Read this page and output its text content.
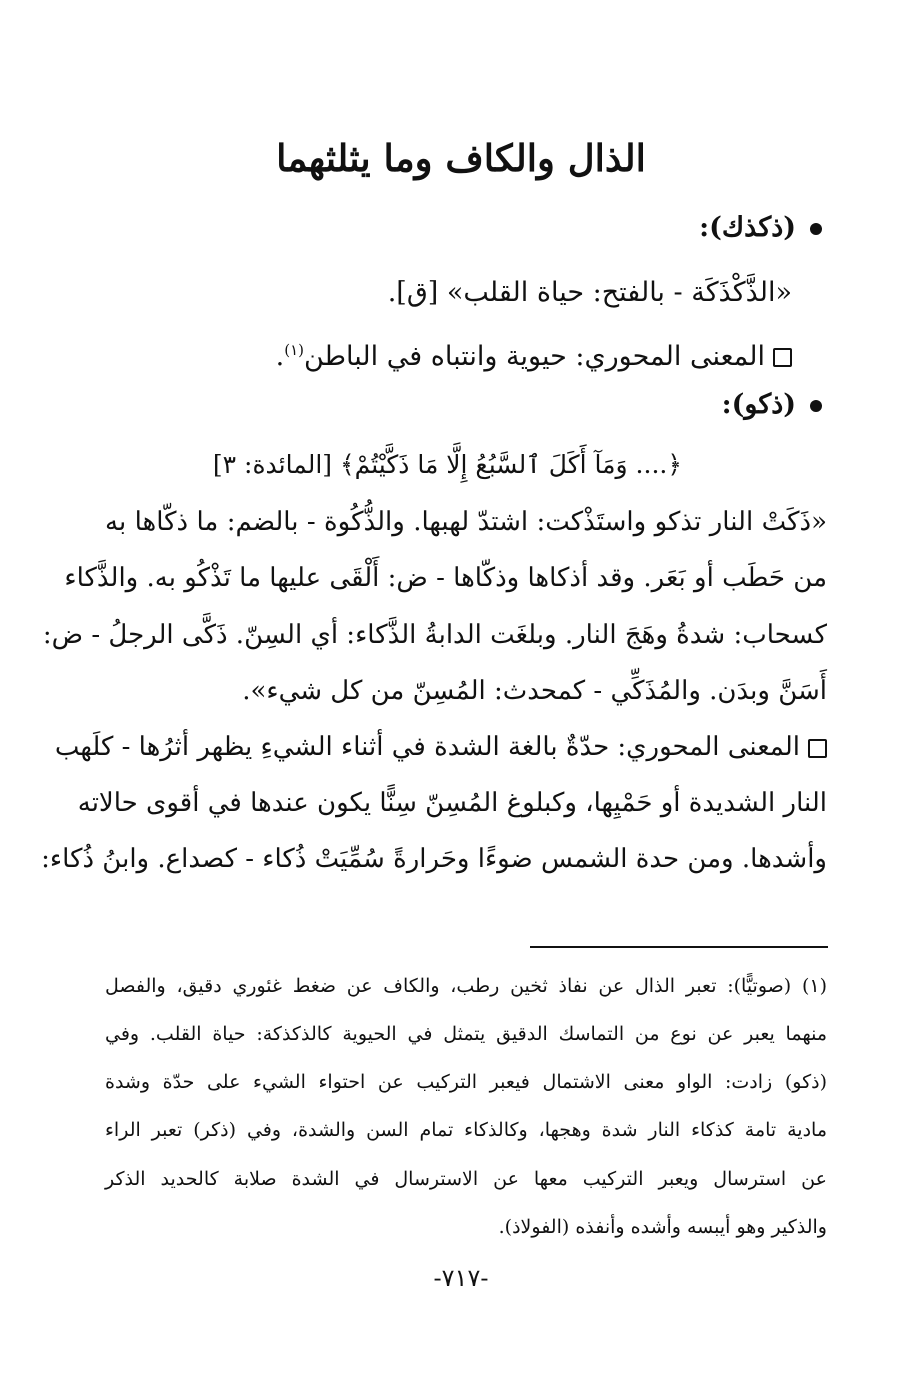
الذال والكاف وما يثلثهما
(ذكذك):
«الذَّكْذَكَة - بالفتح: حياة القلب» [ق].
المعنى المحوري: حيوية وانتباه في الباطن$^{(١)}$.
(ذكو):
﴿.... وَمَآ أَكَلَ ٱلسَّبُعُ إِلَّا مَا ذَكَّيْتُمْ﴾ [المائدة: ٣]
«ذَكَتْ النار تذكو واستَذْكت: اشتدّ لهبها. والذُّكُوة - بالضم: ما ذكّاها به
من حَطَب أو بَعَر. وقد أذكاها وذكّاها - ض: أَلْقَى عليها ما تَذْكُو به. والذَّكاء
كسحاب: شدةُ وهَجَ النار. وبلغَت الدابةُ الذَّكاء: أي السِنّ. ذَكَّى الرجلُ - ض:
أَسَنَّ وبدَن. والمُذَكِّي - كمحدث: المُسِنّ من كل شيء».
المعنى المحوري: حدّةٌ بالغة الشدة في أثناء الشيءِ يظهر أثرُها - كلَهب
النار الشديدة أو حَمْيِها، وكبلوغ المُسِنّ سِنًّا يكون عندها في أقوى حالاته
وأشدها. ومن حدة الشمس ضوءًا وحَرارةً سُمِّيَتْ ذُكاء - كصداع. وابنُ ذُكاء:
(١) (صوتيًّا): تعبر الذال عن نفاذ ثخين رطب، والكاف عن ضغط غئوري دقيق، والفصل
منهما يعبر عن نوع من التماسك الدقيق يتمثل في الحيوية كالذكذكة: حياة القلب. وفي
(ذكو) زادت: الواو معنى الاشتمال فيعبر التركيب عن احتواء الشيء على حدّة وشدة
مادية تامة كذكاء النار شدة وهجها، وكالذكاء تمام السن والشدة، وفي (ذكر) تعبر الراء
عن استرسال ويعبر التركيب معها عن الاسترسال في الشدة صلابة كالحديد الذكر
والذكير وهو أيبسه وأشده وأنفذه (الفولاذ).
-٧١٧-
